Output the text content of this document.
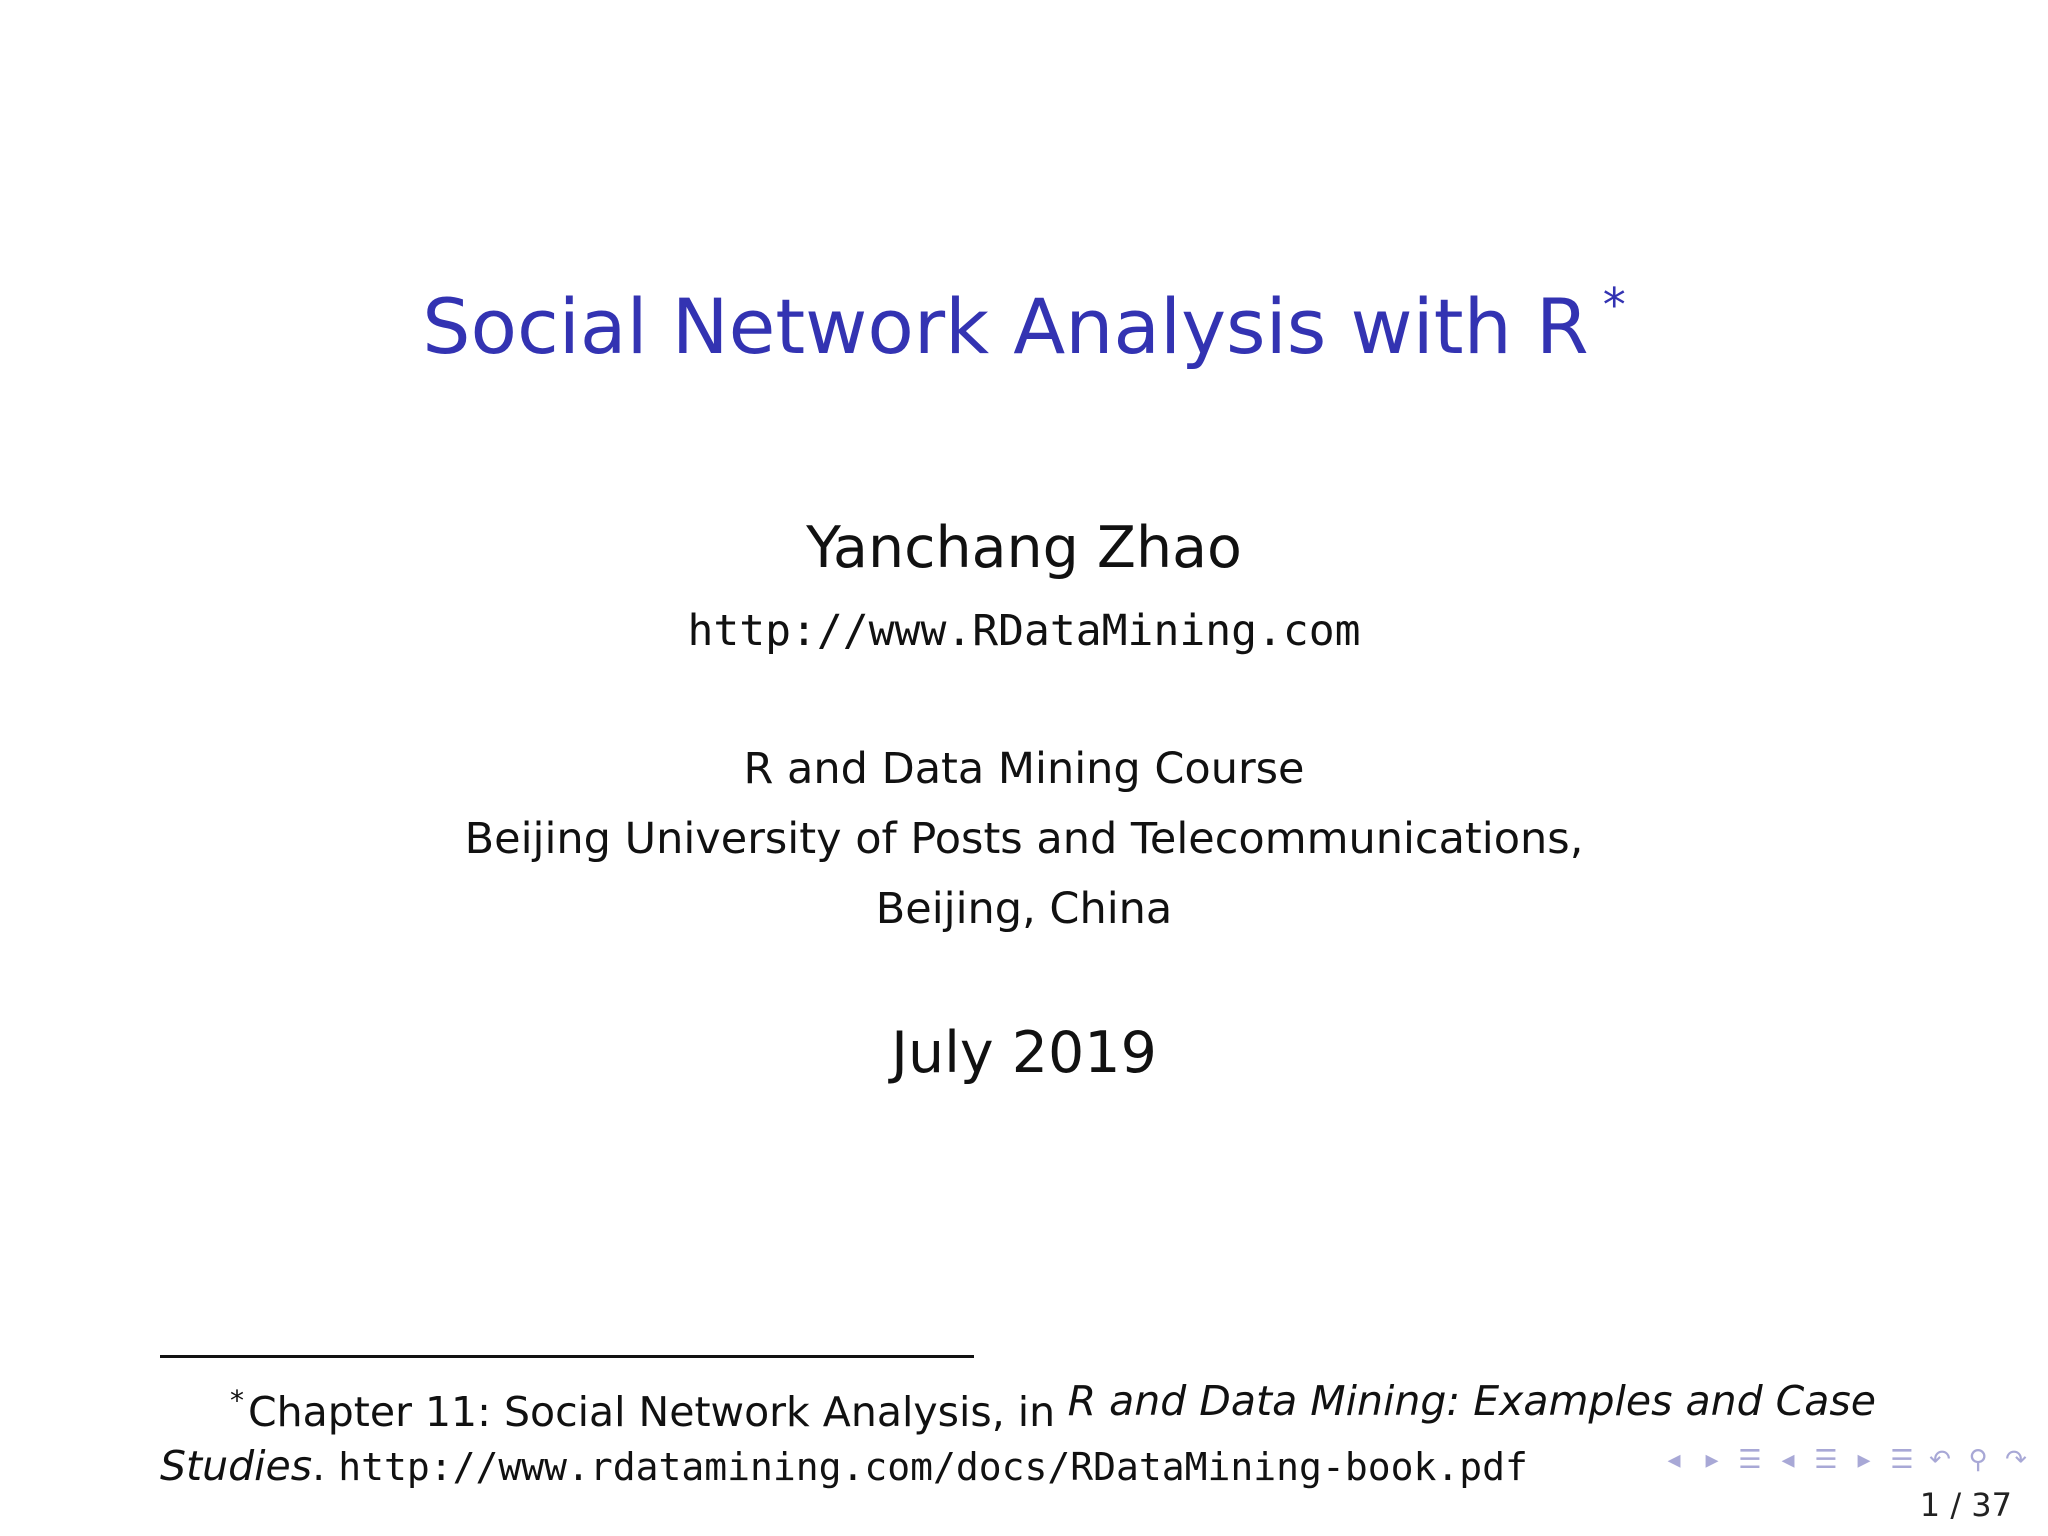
Social Network Analysis with R *
Yanchang Zhao
http://www.RDataMining.com
R and Data Mining Course
Beijing University of Posts and Telecommunications,
Beijing, China
July 2019
*Chapter 11: Social Network Analysis, in R and Data Mining: Examples and Case
Studies. http://www.rdatamining.com/docs/RDataMining-book.pdf	◂ ▸ ☰ ◂ ☰ ▸ ☰ ↶ ⚲ ↷
1 / 37
